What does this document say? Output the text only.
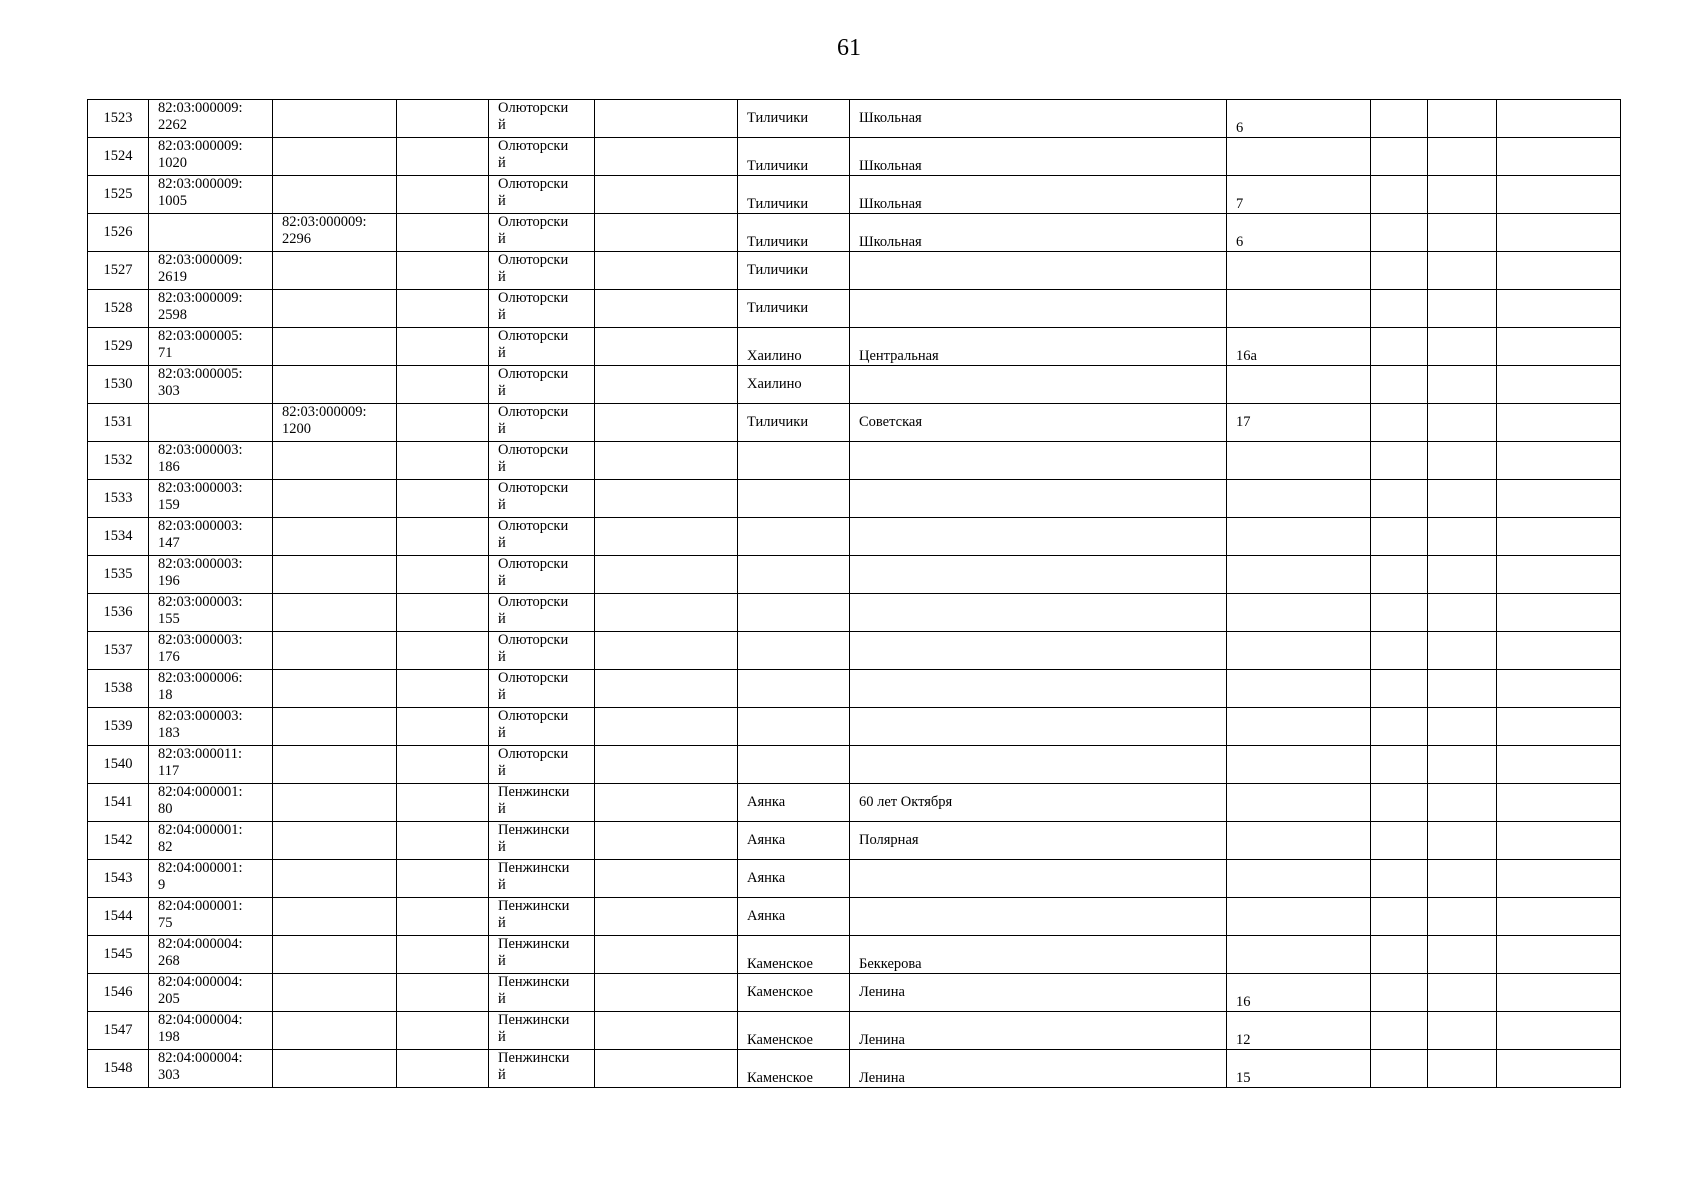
61
1523	82:03:000009:
2262			Олюторски
й		Тиличики	Школьная	6			
1524	82:03:000009:
1020			Олюторски
й		Тиличики	Школьная				
1525	82:03:000009:
1005			Олюторски
й		Тиличики	Школьная	7			
1526		82:03:000009:
2296		Олюторски
й		Тиличики	Школьная	6			
1527	82:03:000009:
2619			Олюторски
й		Тиличики					
1528	82:03:000009:
2598			Олюторски
й		Тиличики					
1529	82:03:000005:
71			Олюторски
й		Хаилино	Центральная	16а			
1530	82:03:000005:
303			Олюторски
й		Хаилино					
1531		82:03:000009:
1200		Олюторски
й		Тиличики	Советская	17			
1532	82:03:000003:
186			Олюторски
й							
1533	82:03:000003:
159			Олюторски
й							
1534	82:03:000003:
147			Олюторски
й							
1535	82:03:000003:
196			Олюторски
й							
1536	82:03:000003:
155			Олюторски
й							
1537	82:03:000003:
176			Олюторски
й							
1538	82:03:000006:
18			Олюторски
й							
1539	82:03:000003:
183			Олюторски
й							
1540	82:03:000011:
117			Олюторски
й							
1541	82:04:000001:
80			Пенжински
й		Аянка	60 лет Октября				
1542	82:04:000001:
82			Пенжински
й		Аянка	Полярная				
1543	82:04:000001:
9			Пенжински
й		Аянка					
1544	82:04:000001:
75			Пенжински
й		Аянка					
1545	82:04:000004:
268			Пенжински
й		Каменское	Беккерова				
1546	82:04:000004:
205			Пенжински
й		Каменское	Ленина	16			
1547	82:04:000004:
198			Пенжински
й		Каменское	Ленина	12			
1548	82:04:000004:
303			Пенжински
й		Каменское	Ленина	15			
